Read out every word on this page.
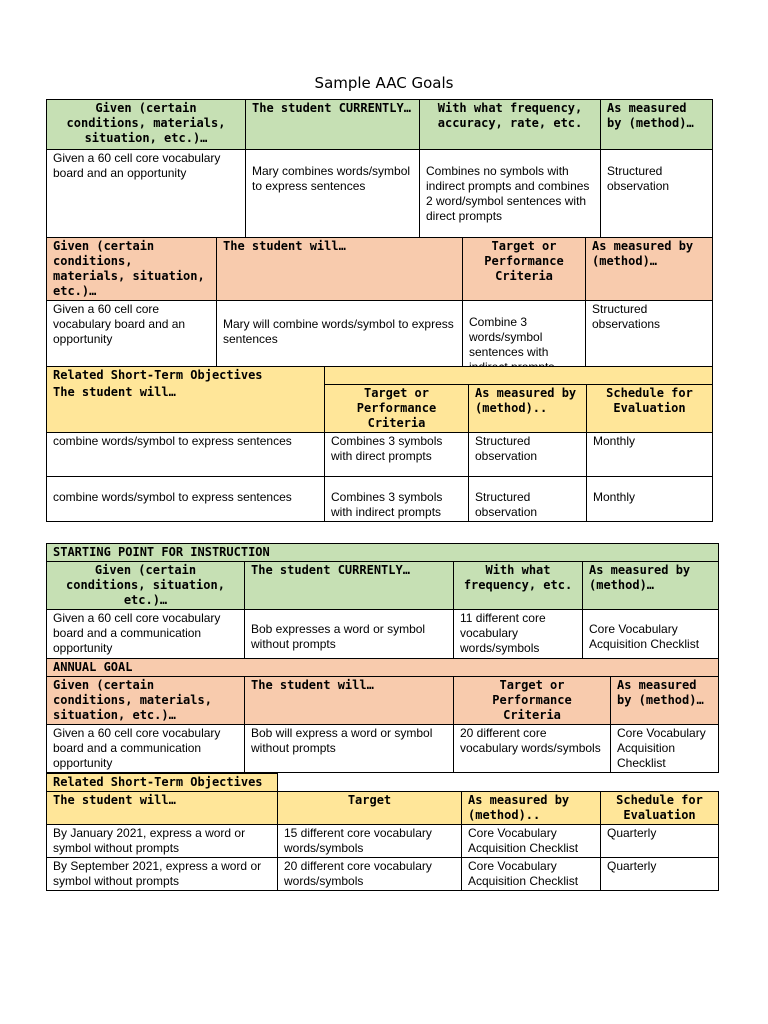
Sample AAC Goals
Given (certain conditions, materials, situation, etc.)…	The student CURRENTLY…	With what frequency, accuracy, rate, etc.	As measured by (method)…
Given a 60 cell core vocabulary board and an opportunity	Mary combines words/symbol to express sentences	Combines no symbols with indirect prompts and combines 2 word/symbol sentences with direct prompts	Structured observation
Given (certain conditions, materials, situation, etc.)…	The student will…	Target or Performance Criteria	As measured by (method)…
Given a 60 cell core vocabulary board and an opportunity	Mary will combine words/symbol to express sentences	Combine 3 words/symbol sentences with	Structured observations
Related Short-Term Objectives			
The student will…	Target or Performance Criteria	As measured by (method)..	Schedule for Evaluation
combine words/symbol to express sentences	Combines 3 symbols with direct prompts	Structured observation	Monthly
combine words/symbol to express sentences	Combines 3 symbols with indirect prompts	Structured observation	Monthly
STARTING POINT FOR INSTRUCTION			
Given (certain conditions, situation, etc.)…	The student CURRENTLY…	With what frequency, etc.	As measured by (method)…
Given a 60 cell core vocabulary board and a communication opportunity	Bob expresses a word or symbol without prompts	11 different core vocabulary words/symbols	Core Vocabulary Acquisition Checklist
ANNUAL GOAL			
Given (certain conditions, materials, situation, etc.)…	The student will…	Target or Performance Criteria	As measured by (method)…
Given a 60 cell core vocabulary board and a communication opportunity	Bob will express a word or symbol without prompts	20 different core vocabulary words/symbols	Core Vocabulary Acquisition Checklist
Related Short-Term Objectives			
The student will…	Target	As measured by (method)..	Schedule for Evaluation
By January 2021, express a word or symbol without prompts	15 different core vocabulary words/symbols	Core Vocabulary Acquisition Checklist	Quarterly
By September 2021, express a word or symbol without prompts	20 different core vocabulary words/symbols	Core Vocabulary Acquisition Checklist	Quarterly
